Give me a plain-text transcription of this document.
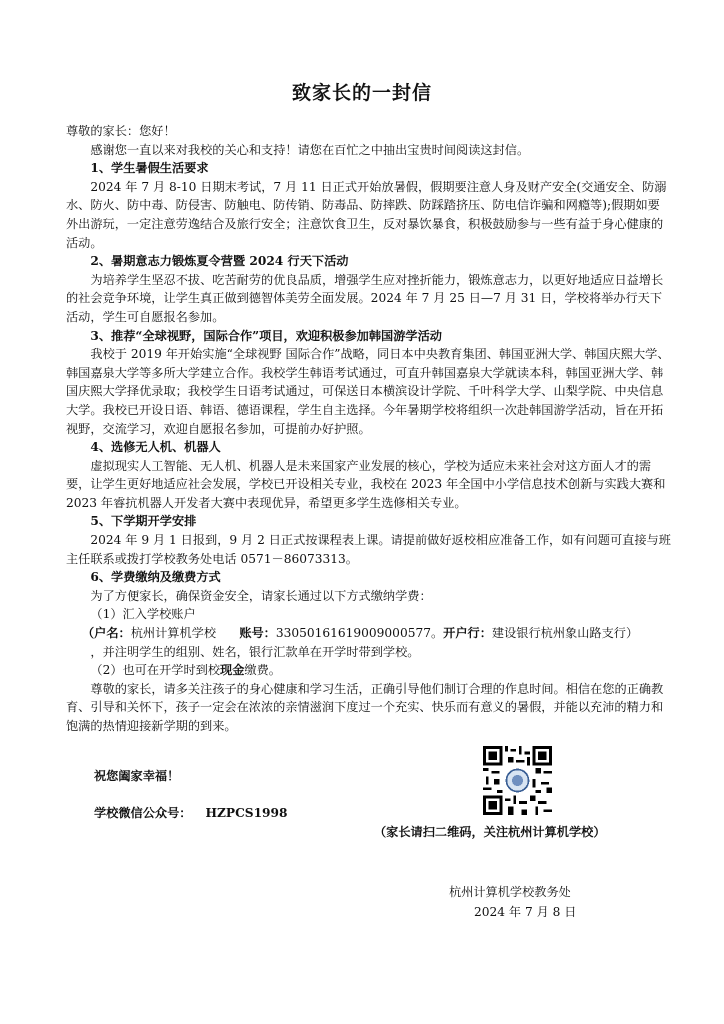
致家长的一封信

尊敬的家长：您好！

感谢您一直以来对我校的关心和支持！请您在百忙之中抽出宝贵时间阅读这封信。

1、学生暑假生活要求

2024 年 7 月 8-10 日期末考试，7 月 11 日正式开始放暑假，假期要注意人身及财产安全(交通安全、防溺水、防火、防中毒、防侵害、防触电、防传销、防毒品、防摔跌、防踩踏挤压、防电信诈骗和网瘾等);假期如要外出游玩，一定注意劳逸结合及旅行安全；注意饮食卫生，反对暴饮暴食，积极鼓励参与一些有益于身心健康的活动。

2、暑期意志力锻炼夏令营暨 2024 行天下活动

为培养学生坚忍不拔、吃苦耐劳的优良品质，增强学生应对挫折能力，锻炼意志力，以更好地适应日益增长的社会竞争环境，让学生真正做到德智体美劳全面发展。2024 年 7 月 25 日—7 月 31 日，学校将举办行天下活动，学生可自愿报名参加。

3、推荐“全球视野，国际合作”项目，欢迎积极参加韩国游学活动

我校于 2019 年开始实施“全球视野 国际合作”战略，同日本中央教育集团、韩国亚洲大学、韩国庆熙大学、韩国嘉泉大学等多所大学建立合作。我校学生韩语考试通过，可直升韩国嘉泉大学就读本科，韩国亚洲大学、韩国庆熙大学择优录取；我校学生日语考试通过，可保送日本横滨设计学院、千叶科学大学、山梨学院、中央信息大学。我校已开设日语、韩语、德语课程，学生自主选择。今年暑期学校将组织一次赴韩国游学活动，旨在开拓视野，交流学习，欢迎自愿报名参加，可提前办好护照。

4、选修无人机、机器人

虚拟现实人工智能、无人机、机器人是未来国家产业发展的核心，学校为适应未来社会对这方面人才的需要，让学生更好地适应社会发展，学校已开设相关专业，我校在 2023 年全国中小学信息技术创新与实践大赛和 2023 年睿抗机器人开发者大赛中表现优异，希望更多学生选修相关专业。

5、下学期开学安排

2024 年 9 月 1 日报到，9 月 2 日正式按课程表上课。请提前做好返校相应准备工作，如有问题可直接与班主任联系或拨打学校教务处电话 0571－86073313。

6、学费缴纳及缴费方式

为了方便家长，确保资金安全，请家长通过以下方式缴纳学费：

（1）汇入学校账户

（户名：杭州计算机学校 账号：33050161619009000577。开户行：建设银行杭州象山路支行）

，并注明学生的组别、姓名，银行汇款单在开学时带到学校。

（2）也可在开学时到校现金缴费。

尊敬的家长，请多关注孩子的身心健康和学习生活，正确引导他们制订合理的作息时间。相信在您的正确教育、引导和关怀下，孩子一定会在浓浓的亲情滋润下度过一个充实、快乐而有意义的暑假，并能以充沛的精力和饱满的热情迎接新学期的到来。

祝您阖家幸福！
学校微信公众号： HZPCS1998
（家长请扫二维码，关注杭州计算机学校）
杭州计算机学校教务处
2024 年 7 月 8 日
